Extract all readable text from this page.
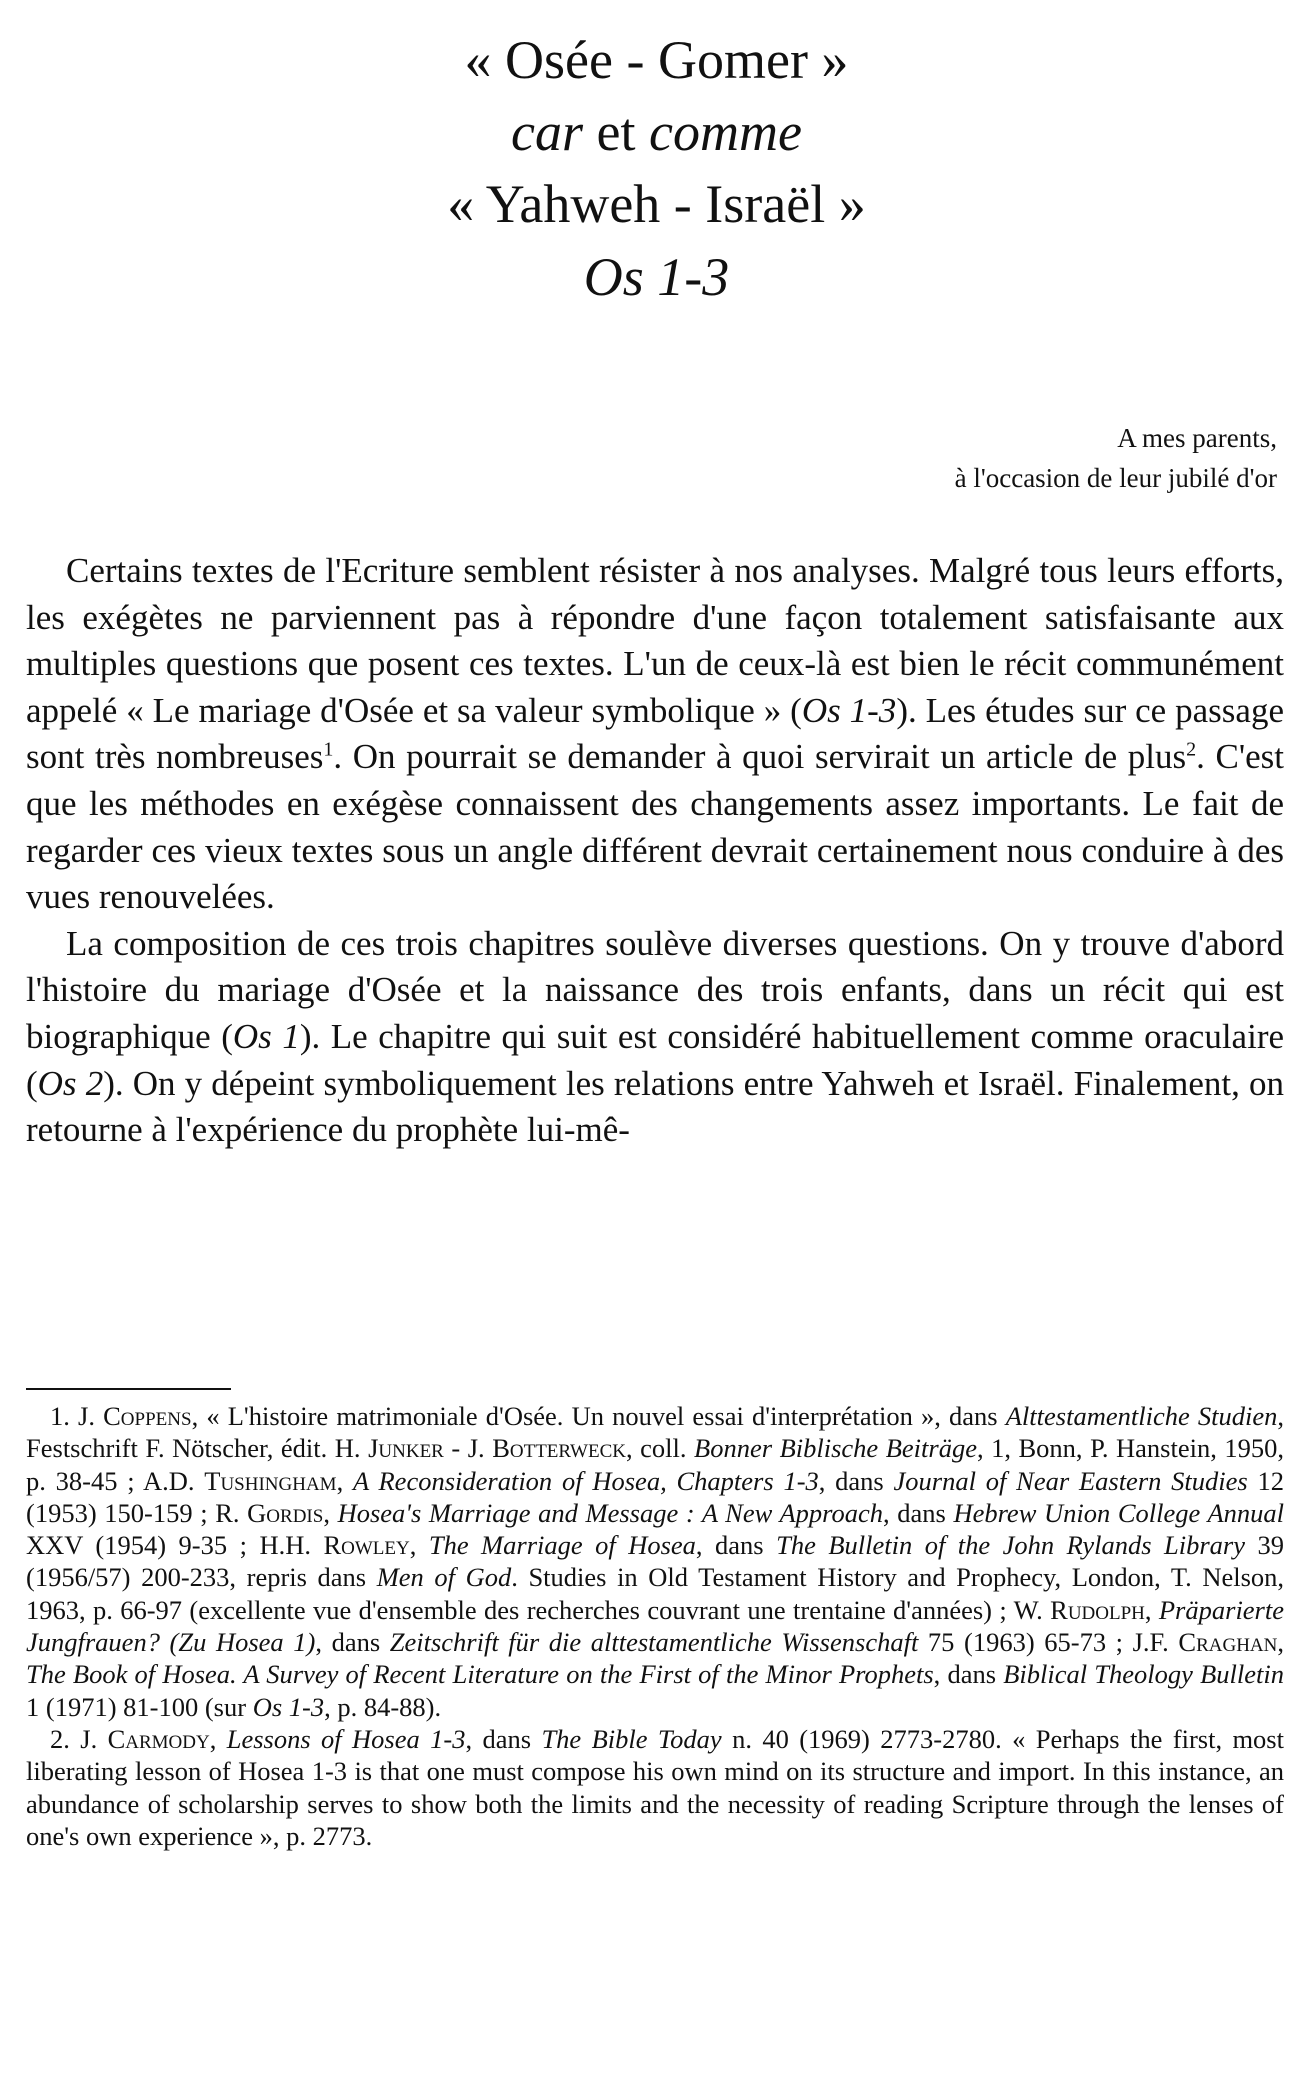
« Osée - Gomer »
car et comme
« Yahweh - Israël »
Os 1-3
A mes parents,
à l'occasion de leur jubilé d'or

Certains textes de l'Ecriture semblent résister à nos analyses. Malgré tous leurs efforts, les exégètes ne parviennent pas à répondre d'une façon totalement satisfaisante aux multiples questions que posent ces textes. L'un de ceux-là est bien le récit communément appelé « Le mariage d'Osée et sa valeur symbolique » (Os 1-3). Les études sur ce passage sont très nombreuses$^1$. On pourrait se demander à quoi servirait un article de plus$^2$. C'est que les méthodes en exégèse connaissent des changements assez importants. Le fait de regarder ces vieux textes sous un angle différent devrait certainement nous conduire à des vues renouvelées.

La composition de ces trois chapitres soulève diverses questions. On y trouve d'abord l'histoire du mariage d'Osée et la naissance des trois enfants, dans un récit qui est biographique (Os 1). Le chapitre qui suit est considéré habituellement comme oraculaire (Os 2). On y dépeint symboliquement les relations entre Yahweh et Israël. Finalement, on retourne à l'expérience du prophète lui-mê-

1. J. Coppens, « L'histoire matrimoniale d'Osée. Un nouvel essai d'interprétation », dans Alttestamentliche Studien, Festschrift F. Nötscher, édit. H. Junker - J. Botterweck, coll. Bonner Biblische Beiträge, 1, Bonn, P. Hanstein, 1950, p. 38-45 ; A.D. Tushingham, A Reconsideration of Hosea, Chapters 1-3, dans Journal of Near Eastern Studies 12 (1953) 150-159 ; R. Gordis, Hosea's Marriage and Message : A New Approach, dans Hebrew Union College Annual XXV (1954) 9-35 ; H.H. Rowley, The Marriage of Hosea, dans The Bulletin of the John Rylands Library 39 (1956/57) 200-233, repris dans Men of God. Studies in Old Testament History and Prophecy, London, T. Nelson, 1963, p. 66-97 (excellente vue d'ensemble des recherches couvrant une trentaine d'années) ; W. Rudolph, Präparierte Jungfrauen? (Zu Hosea 1), dans Zeitschrift für die alttestamentliche Wissenschaft 75 (1963) 65-73 ; J.F. Craghan, The Book of Hosea. A Survey of Recent Literature on the First of the Minor Prophets, dans Biblical Theology Bulletin 1 (1971) 81-100 (sur Os 1-3, p. 84-88).

2. J. Carmody, Lessons of Hosea 1-3, dans The Bible Today n. 40 (1969) 2773-2780. « Perhaps the first, most liberating lesson of Hosea 1-3 is that one must compose his own mind on its structure and import. In this instance, an abundance of scholarship serves to show both the limits and the necessity of reading Scripture through the lenses of one's own experience », p. 2773.
